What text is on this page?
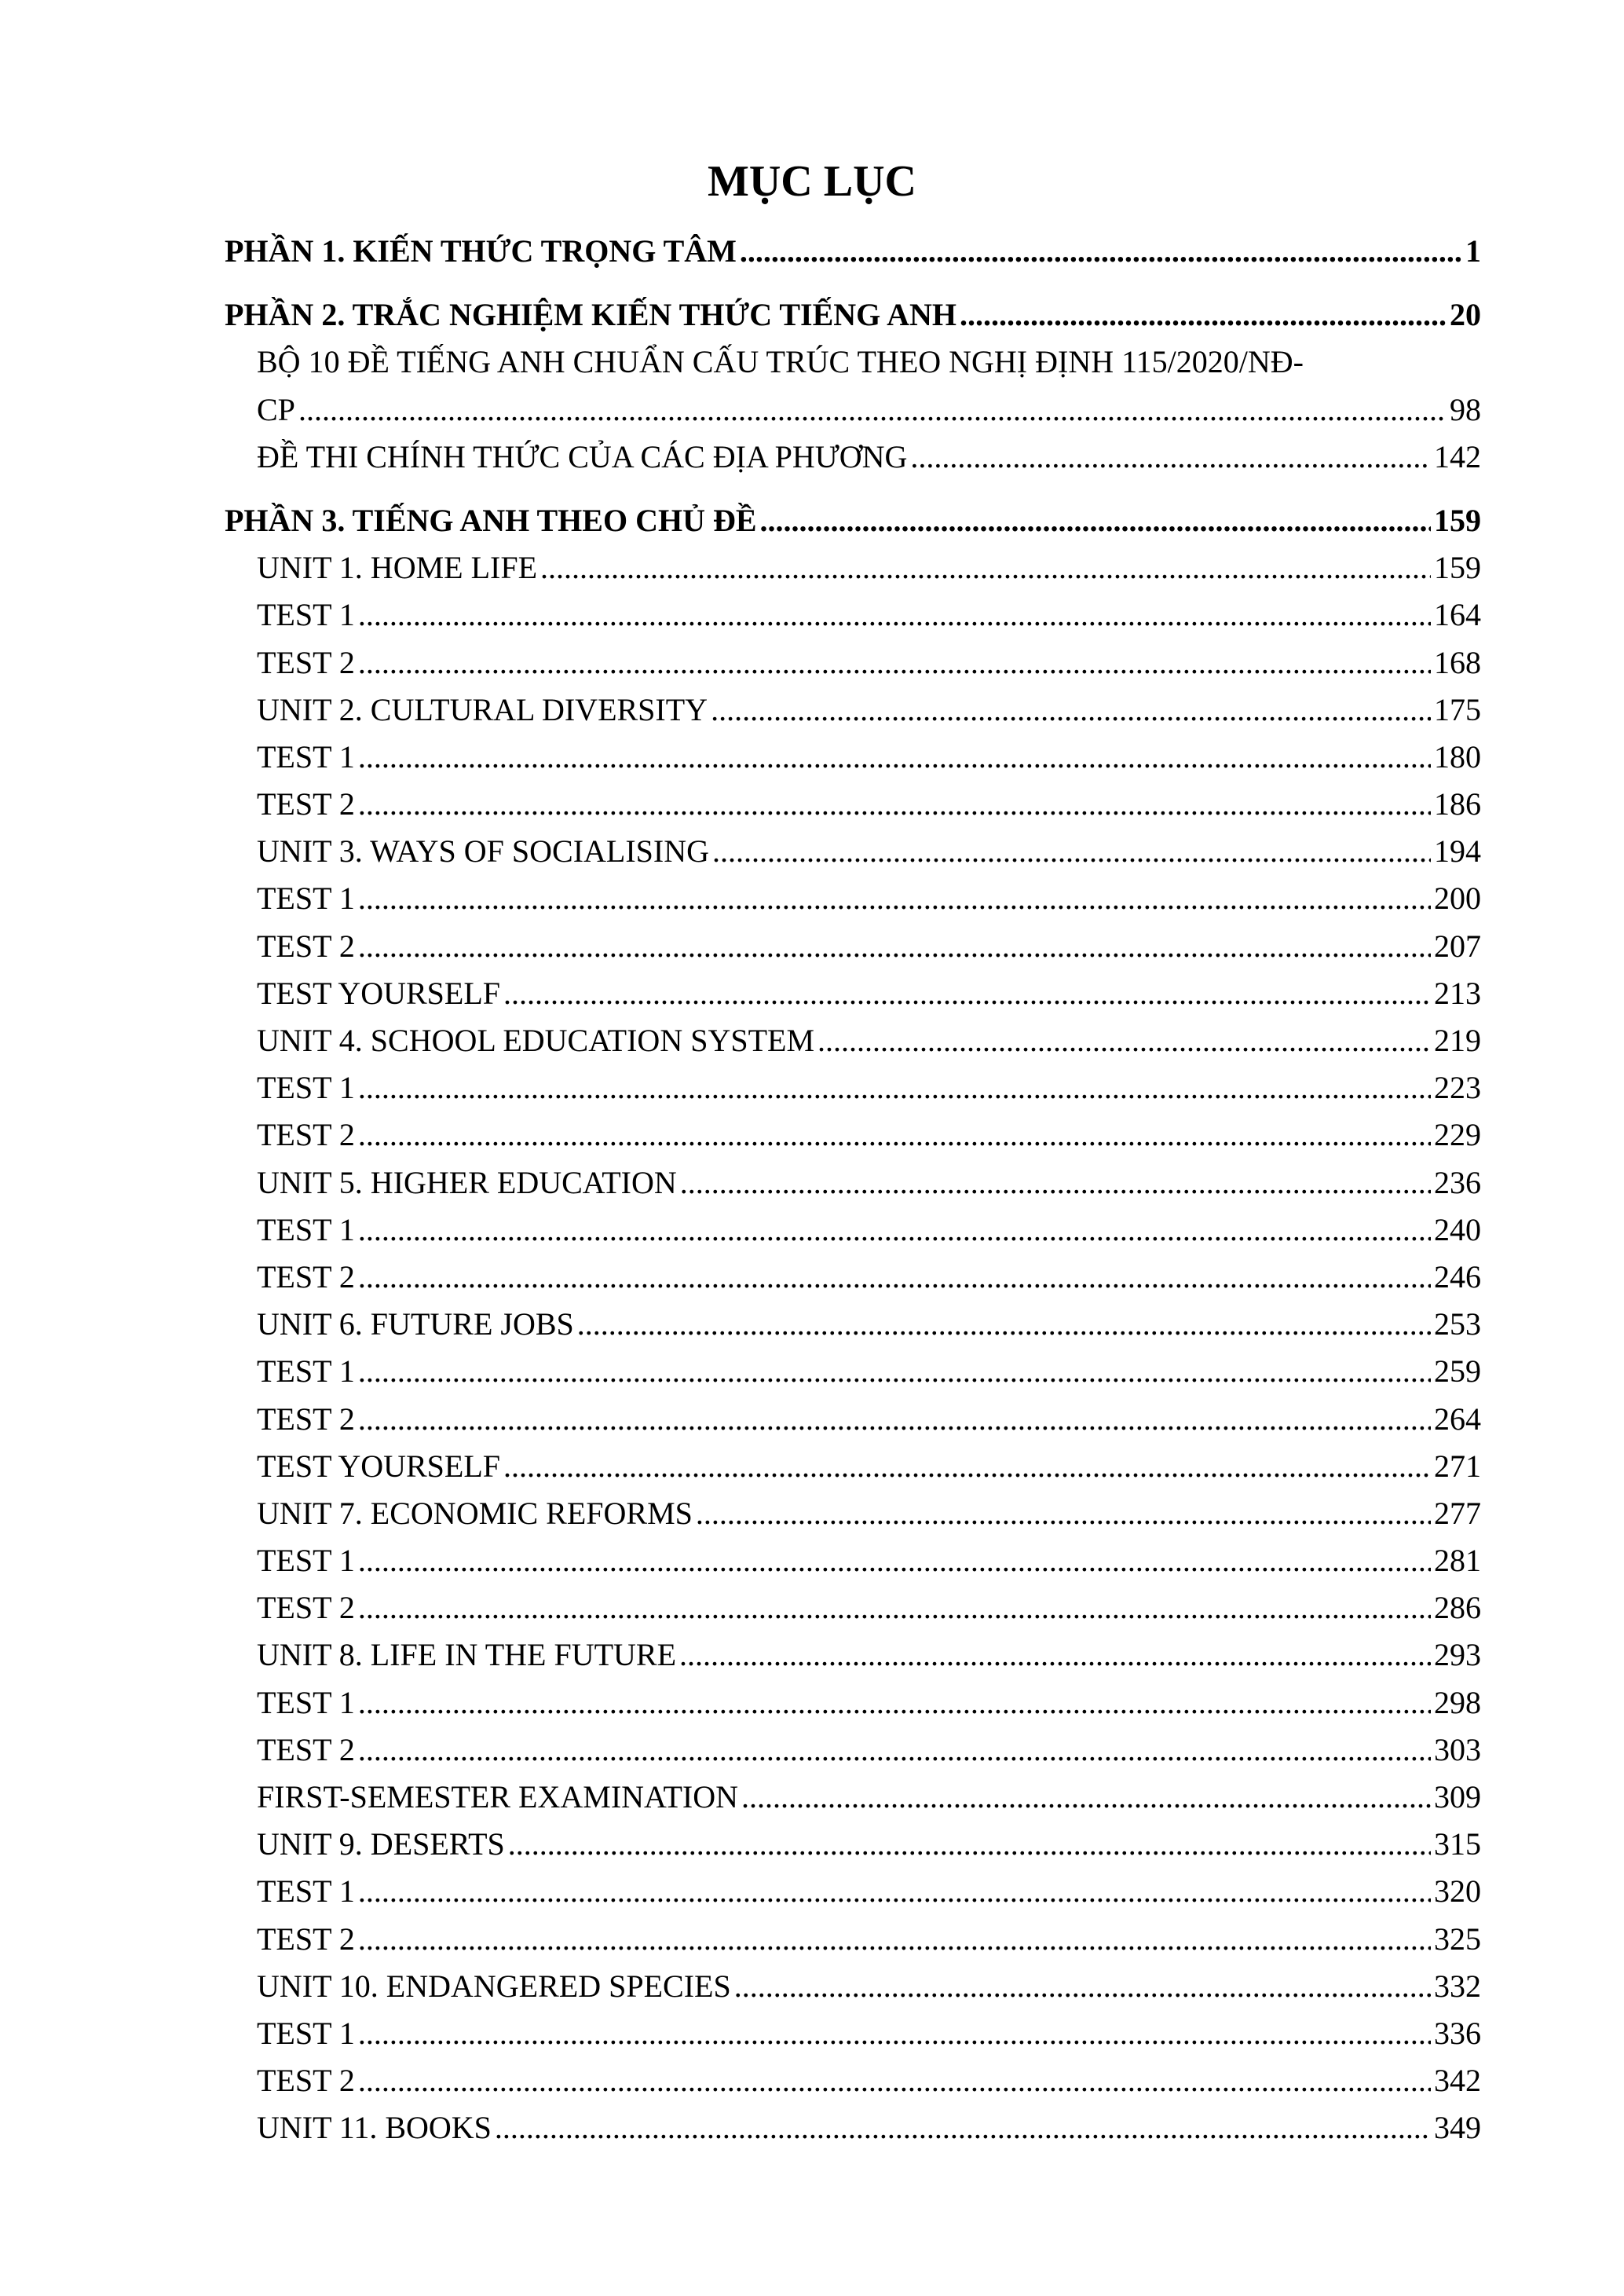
MỤC LỤC
PHẦN 1. KIẾN THỨC TRỌNG TÂM .....	1
PHẦN 2. TRẮC NGHIỆM KIẾN THỨC TIẾNG ANH .....	20
BỘ 10 ĐỀ TIẾNG ANH CHUẨN CẤU TRÚC THEO NGHỊ ĐỊNH 115/2020/NĐ-
CP .....	98
ĐỀ THI CHÍNH THỨC CỦA CÁC ĐỊA PHƯƠNG .....	142
PHẦN 3. TIẾNG ANH THEO CHỦ ĐỀ .....	159
UNIT 1. HOME LIFE .....	159
TEST 1 .....	164
TEST 2 .....	168
UNIT 2. CULTURAL DIVERSITY .....	175
TEST 1 .....	180
TEST 2 .....	186
UNIT 3. WAYS OF SOCIALISING .....	194
TEST 1 .....	200
TEST 2 .....	207
TEST YOURSELF .....	213
UNIT 4. SCHOOL EDUCATION SYSTEM .....	219
TEST 1 .....	223
TEST 2 .....	229
UNIT 5. HIGHER EDUCATION .....	236
TEST 1 .....	240
TEST 2 .....	246
UNIT 6. FUTURE JOBS .....	253
TEST 1 .....	259
TEST 2 .....	264
TEST YOURSELF .....	271
UNIT 7. ECONOMIC REFORMS .....	277
TEST 1 .....	281
TEST 2 .....	286
UNIT 8. LIFE IN THE FUTURE .....	293
TEST 1 .....	298
TEST 2 .....	303
FIRST-SEMESTER EXAMINATION .....	309
UNIT 9. DESERTS .....	315
TEST 1 .....	320
TEST 2 .....	325
UNIT 10. ENDANGERED SPECIES .....	332
TEST 1 .....	336
TEST 2 .....	342
UNIT 11. BOOKS .....	349
